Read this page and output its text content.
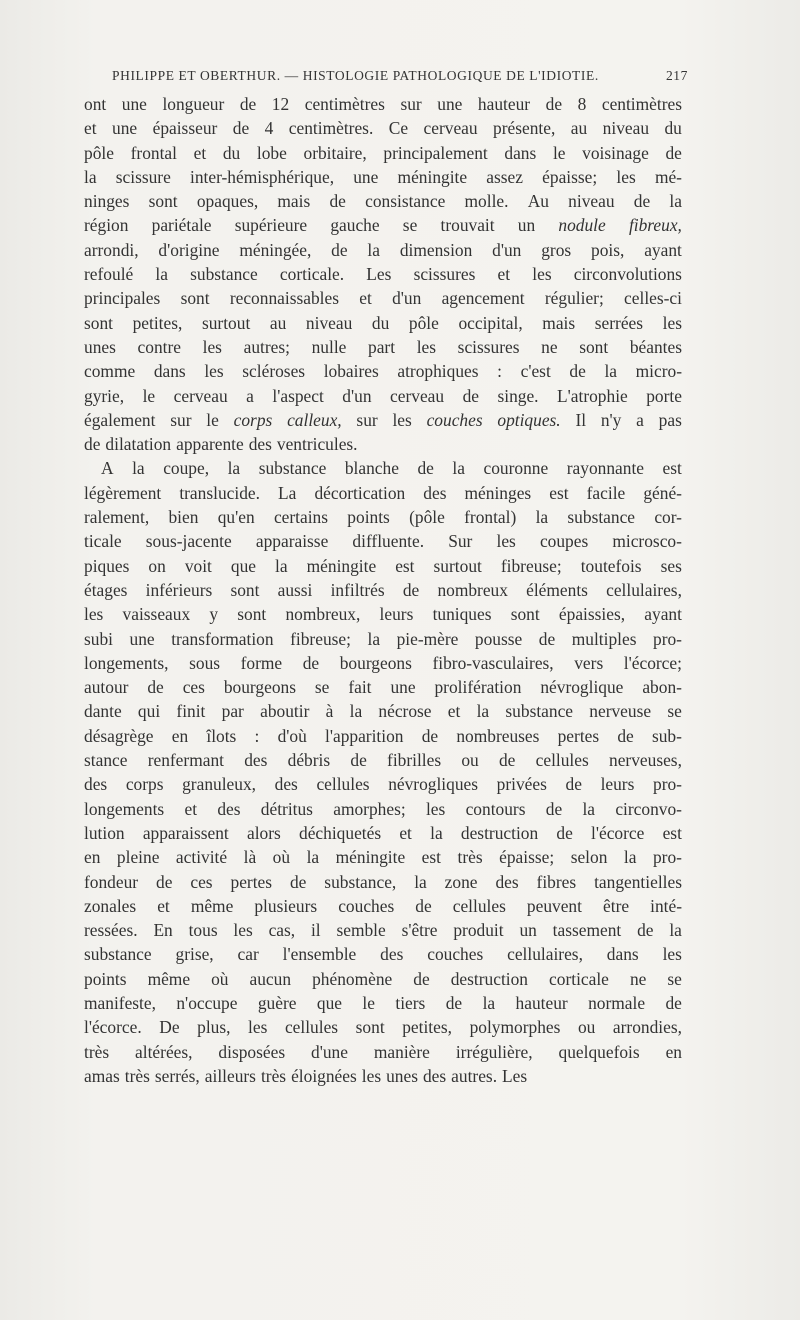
PHILIPPE ET OBERTHUR. — HISTOLOGIE PATHOLOGIQUE DE L'IDIOTIE.	217
ont une longueur de 12 centimètres sur une hauteur de 8 centimètres
et une épaisseur de 4 centimètres. Ce cerveau présente, au niveau du
pôle frontal et du lobe orbitaire, principalement dans le voisinage de
la scissure inter-hémisphérique, une méningite assez épaisse; les mé-
ninges sont opaques, mais de consistance molle. Au niveau de la
région pariétale supérieure gauche se trouvait un nodule fibreux,
arrondi, d'origine méningée, de la dimension d'un gros pois, ayant
refoulé la substance corticale. Les scissures et les circonvolutions
principales sont reconnaissables et d'un agencement régulier; celles-ci
sont petites, surtout au niveau du pôle occipital, mais serrées les
unes contre les autres; nulle part les scissures ne sont béantes
comme dans les scléroses lobaires atrophiques : c'est de la micro-
gyrie, le cerveau a l'aspect d'un cerveau de singe. L'atrophie porte
également sur le corps calleux, sur les couches optiques. Il n'y a pas
de dilatation apparente des ventricules.
A la coupe, la substance blanche de la couronne rayonnante est
légèrement translucide. La décortication des méninges est facile géné-
ralement, bien qu'en certains points (pôle frontal) la substance cor-
ticale sous-jacente apparaisse diffluente. Sur les coupes microsco-
piques on voit que la méningite est surtout fibreuse; toutefois ses
étages inférieurs sont aussi infiltrés de nombreux éléments cellulaires,
les vaisseaux y sont nombreux, leurs tuniques sont épaissies, ayant
subi une transformation fibreuse; la pie-mère pousse de multiples pro-
longements, sous forme de bourgeons fibro-vasculaires, vers l'écorce;
autour de ces bourgeons se fait une prolifération névroglique abon-
dante qui finit par aboutir à la nécrose et la substance nerveuse se
désagrège en îlots : d'où l'apparition de nombreuses pertes de sub-
stance renfermant des débris de fibrilles ou de cellules nerveuses,
des corps granuleux, des cellules névrogliques privées de leurs pro-
longements et des détritus amorphes; les contours de la circonvo-
lution apparaissent alors déchiquetés et la destruction de l'écorce est
en pleine activité là où la méningite est très épaisse; selon la pro-
fondeur de ces pertes de substance, la zone des fibres tangentielles
zonales et même plusieurs couches de cellules peuvent être inté-
ressées. En tous les cas, il semble s'être produit un tassement de la
substance grise, car l'ensemble des couches cellulaires, dans les
points même où aucun phénomène de destruction corticale ne se
manifeste, n'occupe guère que le tiers de la hauteur normale de
l'écorce. De plus, les cellules sont petites, polymorphes ou arrondies,
très altérées, disposées d'une manière irrégulière, quelquefois en
amas très serrés, ailleurs très éloignées les unes des autres. Les
